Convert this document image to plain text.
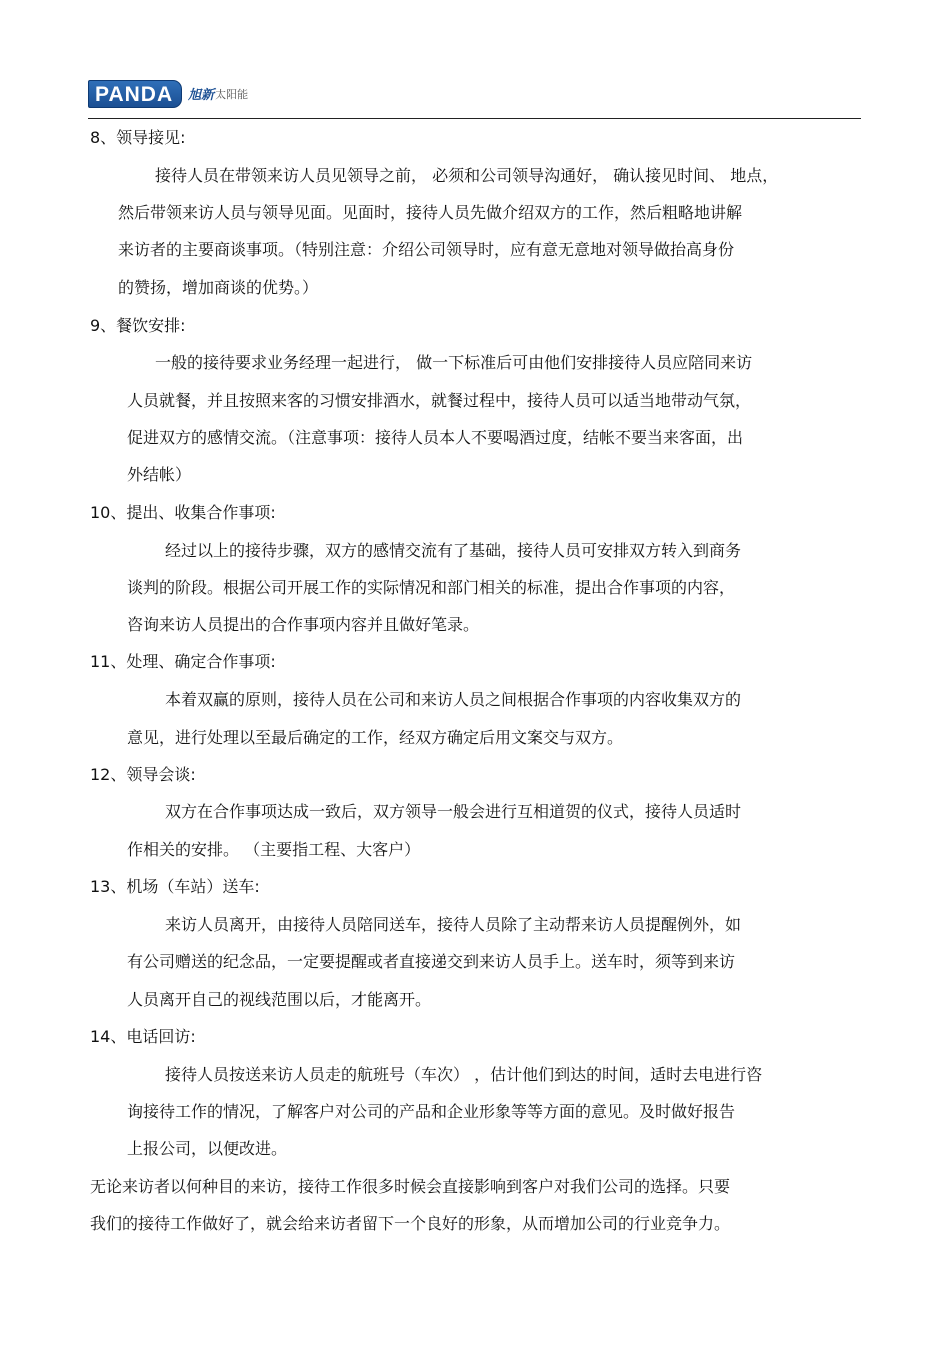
PANDA	旭新 太阳能
8、领导接见:
接待人员在带领来访人员见领导之前， 必须和公司领导沟通好， 确认接见时间、 地点，
然后带领来访人员与领导见面。见面时，接待人员先做介绍双方的工作，然后粗略地讲解
来访者的主要商谈事项。（特别注意：介绍公司领导时，应有意无意地对领导做抬高身份
的赞扬，增加商谈的优势。）
9、餐饮安排:
一般的接待要求业务经理一起进行， 做一下标准后可由他们安排接待人员应陪同来访
人员就餐，并且按照来客的习惯安排酒水，就餐过程中，接待人员可以适当地带动气氛，
促进双方的感情交流。（注意事项：接待人员本人不要喝酒过度，结帐不要当来客面，出
外结帐）
10、提出、收集合作事项:
经过以上的接待步骤，双方的感情交流有了基础，接待人员可安排双方转入到商务
谈判的阶段。根据公司开展工作的实际情况和部门相关的标准，提出合作事项的内容，
咨询来访人员提出的合作事项内容并且做好笔录。
11、处理、确定合作事项:
本着双赢的原则，接待人员在公司和来访人员之间根据合作事项的内容收集双方的
意见，进行处理以至最后确定的工作，经双方确定后用文案交与双方。
12、领导会谈:
双方在合作事项达成一致后，双方领导一般会进行互相道贺的仪式，接待人员适时
作相关的安排。 （主要指工程、大客户）
13、机场（车站）送车:
来访人员离开，由接待人员陪同送车，接待人员除了主动帮来访人员提醒例外，如
有公司赠送的纪念品，一定要提醒或者直接递交到来访人员手上。送车时，须等到来访
人员离开自己的视线范围以后，才能离开。
14、电话回访:
接待人员按送来访人员走的航班号（车次） ，估计他们到达的时间，适时去电进行咨
询接待工作的情况，了解客户对公司的产品和企业形象等等方面的意见。及时做好报告
上报公司，以便改进。
无论来访者以何种目的来访，接待工作很多时候会直接影响到客户对我们公司的选择。只要
我们的接待工作做好了，就会给来访者留下一个良好的形象，从而增加公司的行业竞争力。
